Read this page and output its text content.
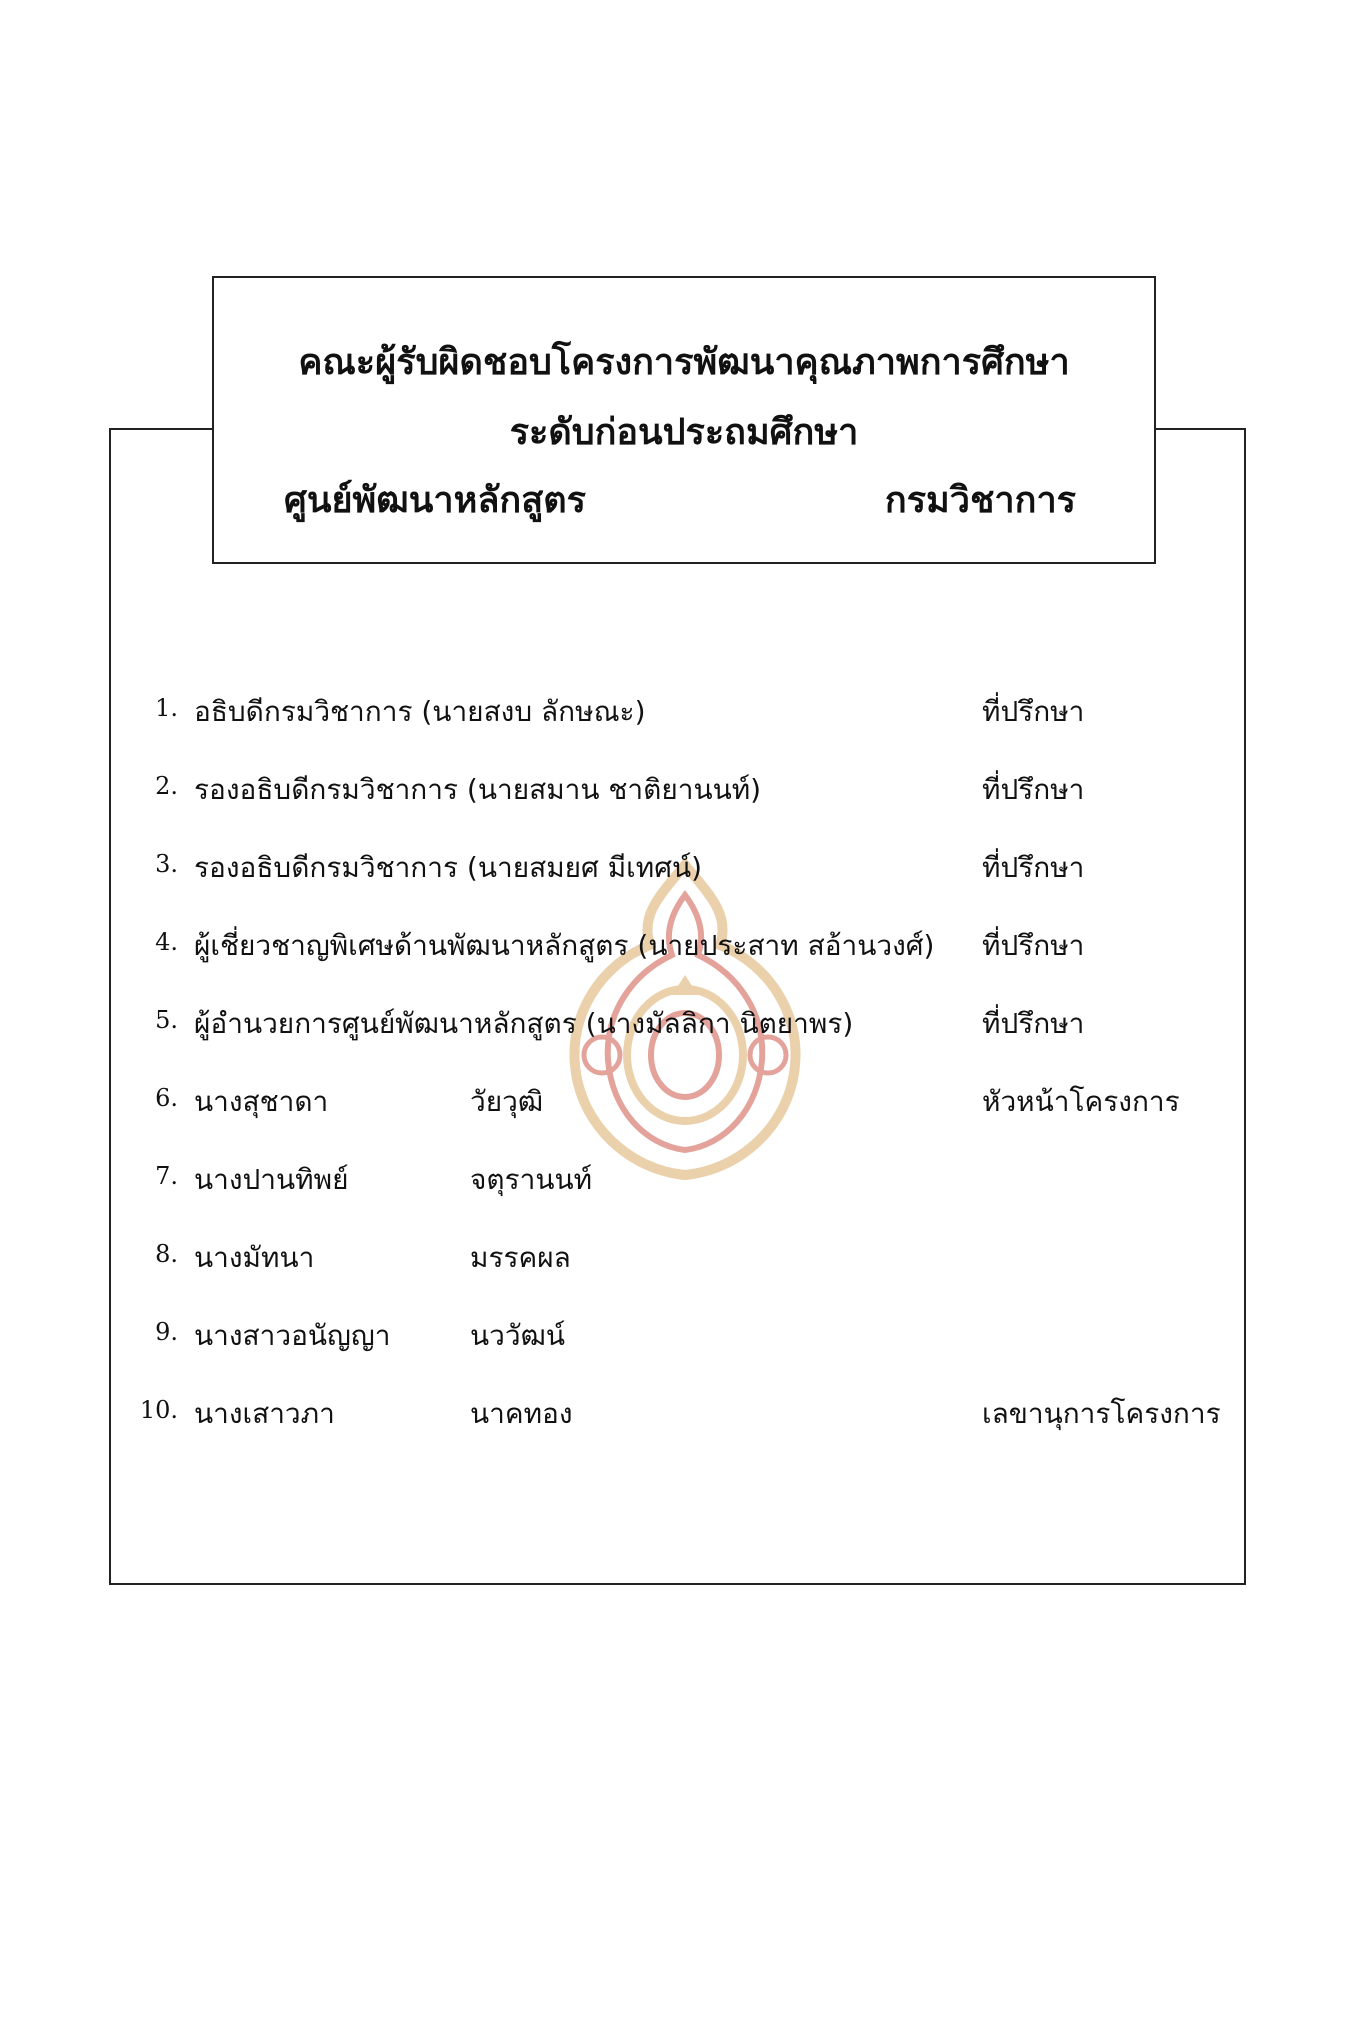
คณะผู้รับผิดชอบโครงการพัฒนาคุณภาพการศึกษา
ระดับก่อนประถมศึกษา
ศูนย์พัฒนาหลักสูตร	กรมวิชาการ
1. อธิบดีกรมวิชาการ (นายสงบ ลักษณะ)	ที่ปรึกษา
2. รองอธิบดีกรมวิชาการ (นายสมาน ชาติยานนท์)	ที่ปรึกษา
3. รองอธิบดีกรมวิชาการ (นายสมยศ มีเทศน์)	ที่ปรึกษา
4. ผู้เชี่ยวชาญพิเศษด้านพัฒนาหลักสูตร (นายประสาท สอ้านวงศ์) ที่ปรึกษา
5. ผู้อำนวยการศูนย์พัฒนาหลักสูตร (นางมัลลิกา นิตยาพร)	ที่ปรึกษา
6. นางสุชาดา	วัยวุฒิ	หัวหน้าโครงการ
7. นางปานทิพย์	จตุรานนท์
8. นางมัทนา	มรรคผล
9. นางสาวอนัญญา	นววัฒน์
10. นางเสาวภา	นาคทอง	เลขานุการโครงการ
